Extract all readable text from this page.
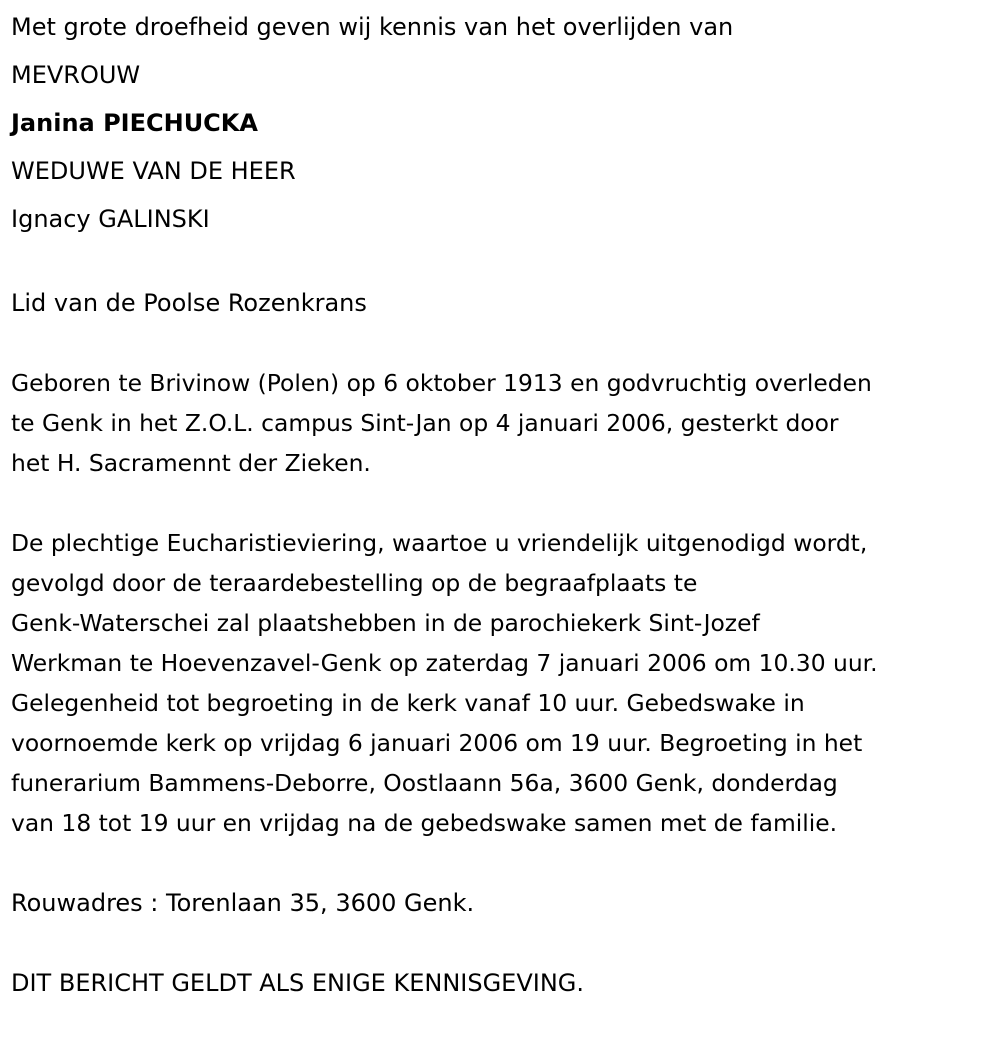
Met grote droefheid geven wij kennis van het overlijden van

MEVROUW

Janina PIECHUCKA

WEDUWE VAN DE HEER

Ignacy GALINSKI

Lid van de Poolse Rozenkrans

Geboren te Brivinow (Polen) op 6 oktober 1913 en godvruchtig overleden

te Genk in het Z.O.L. campus Sint-Jan op 4 januari 2006, gesterkt door

het H. Sacramennt der Zieken.

De plechtige Eucharistieviering, waartoe u vriendelijk uitgenodigd wordt,

gevolgd door de teraardebestelling op de begraafplaats te

Genk-Waterschei zal plaatshebben in de parochiekerk Sint-Jozef

Werkman te Hoevenzavel-Genk op zaterdag 7 januari 2006 om 10.30 uur.

Gelegenheid tot begroeting in de kerk vanaf 10 uur. Gebedswake in

voornoemde kerk op vrijdag 6 januari 2006 om 19 uur. Begroeting in het

funerarium Bammens-Deborre, Oostlaann 56a, 3600 Genk, donderdag

van 18 tot 19 uur en vrijdag na de gebedswake samen met de familie.

Rouwadres : Torenlaan 35, 3600 Genk.

DIT BERICHT GELDT ALS ENIGE KENNISGEVING.
